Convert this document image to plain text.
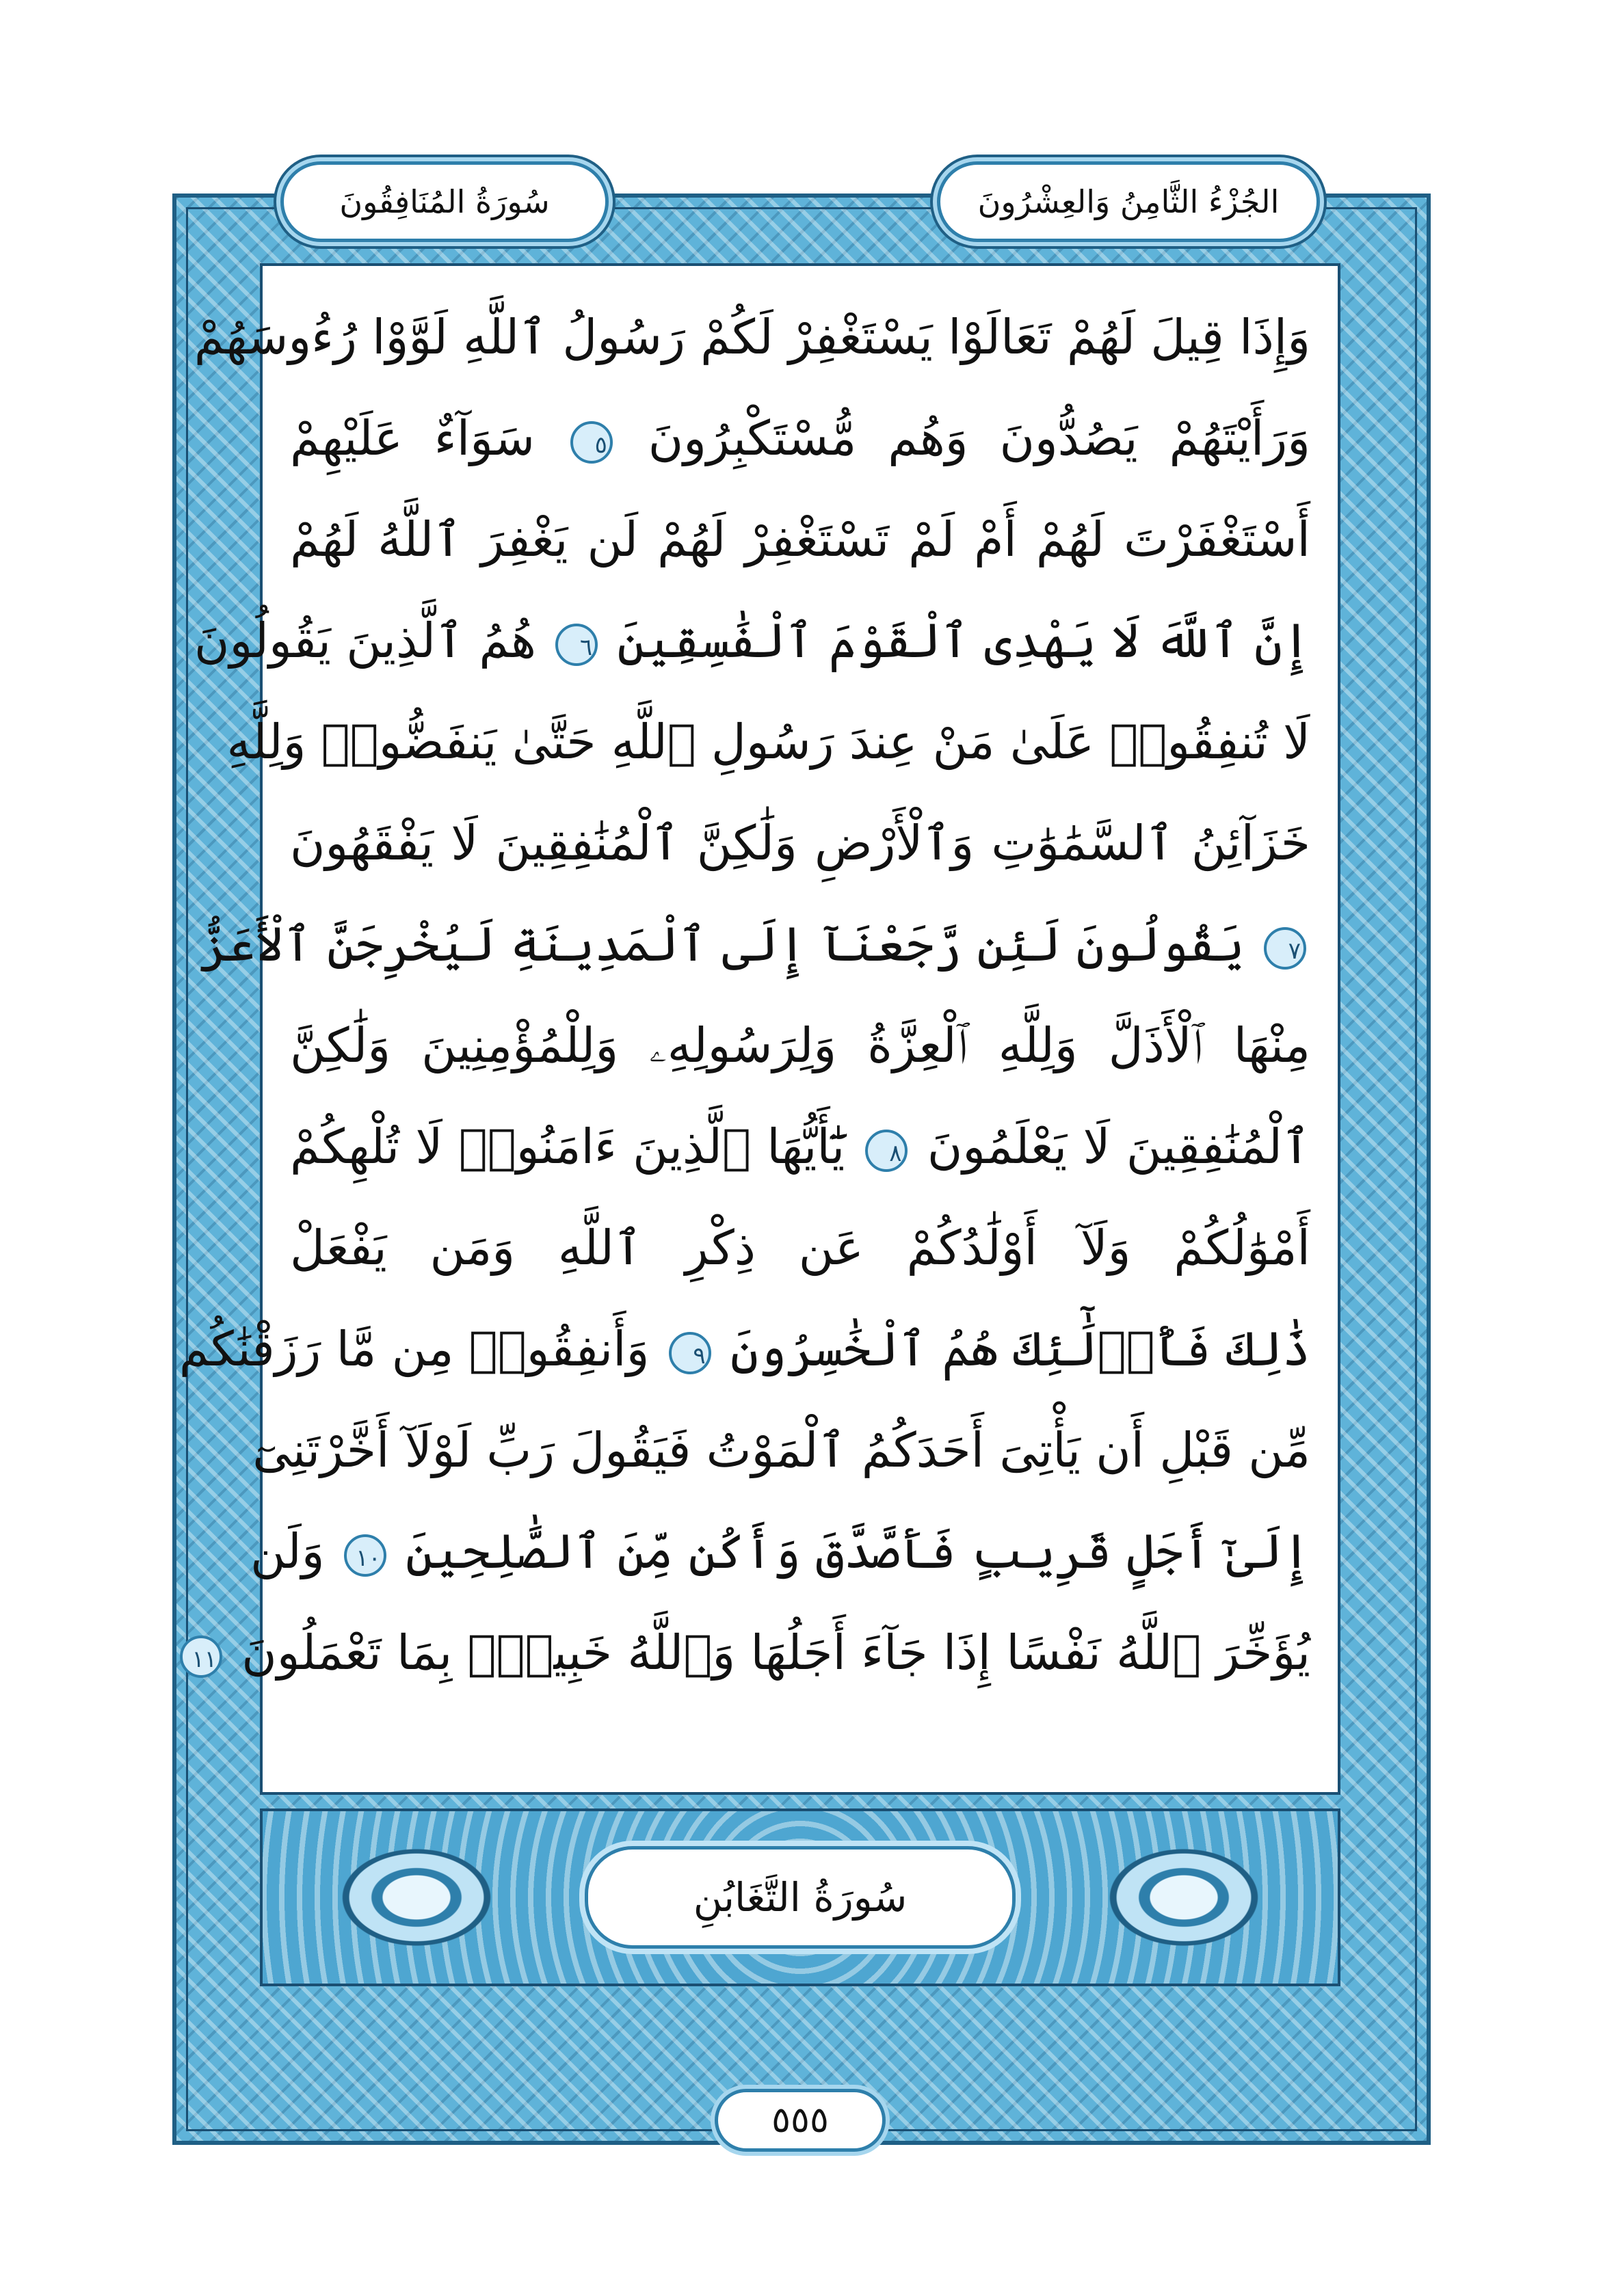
الجُزْءُ الثَّامِنُ وَالعِشْرُونَ
سُورَةُ المُنَافِقُونَ
وَإِذَا قِيلَ لَهُمْ تَعَالَوْا يَسْتَغْفِرْ لَكُمْ رَسُولُ ٱللَّهِ لَوَّوْا رُءُوسَهُمْ
وَرَأَيْتَهُمْ يَصُدُّونَ وَهُم مُّسْتَكْبِرُونَ ٥ سَوَآءٌ عَلَيْهِمْ
أَسْتَغْفَرْتَ لَهُمْ أَمْ لَمْ تَسْتَغْفِرْ لَهُمْ لَن يَغْفِرَ ٱللَّهُ لَهُمْ
إِنَّ ٱللَّهَ لَا يَهْدِى ٱلْقَوْمَ ٱلْفَٰسِقِينَ ٦ هُمُ ٱلَّذِينَ يَقُولُونَ
لَا تُنفِقُوا۟ عَلَىٰ مَنْ عِندَ رَسُولِ ٱللَّهِ حَتَّىٰ يَنفَضُّوا۟ وَلِلَّهِ
خَزَآئِنُ ٱلسَّمَٰوَٰتِ وَٱلْأَرْضِ وَلَٰكِنَّ ٱلْمُنَٰفِقِينَ لَا يَفْقَهُونَ
٧ يَقُولُونَ لَئِن رَّجَعْنَآ إِلَى ٱلْمَدِينَةِ لَيُخْرِجَنَّ ٱلْأَعَزُّ
مِنْهَا ٱلْأَذَلَّ وَلِلَّهِ ٱلْعِزَّةُ وَلِرَسُولِهِۦ وَلِلْمُؤْمِنِينَ وَلَٰكِنَّ
ٱلْمُنَٰفِقِينَ لَا يَعْلَمُونَ ٨ يَٰٓأَيُّهَا ٱلَّذِينَ ءَامَنُوا۟ لَا تُلْهِكُمْ
أَمْوَٰلُكُمْ وَلَآ أَوْلَٰدُكُمْ عَن ذِكْرِ ٱللَّهِ وَمَن يَفْعَلْ
ذَٰلِكَ فَأُو۟لَٰٓئِكَ هُمُ ٱلْخَٰسِرُونَ ٩ وَأَنفِقُوا۟ مِن مَّا رَزَقْنَٰكُم
مِّن قَبْلِ أَن يَأْتِىَ أَحَدَكُمُ ٱلْمَوْتُ فَيَقُولَ رَبِّ لَوْلَآ أَخَّرْتَنِىٓ
إِلَىٰٓ أَجَلٍ قَرِيبٍ فَأَصَّدَّقَ وَأَكُن مِّنَ ٱلصَّٰلِحِينَ ١٠ وَلَن
يُؤَخِّرَ ٱللَّهُ نَفْسًا إِذَا جَآءَ أَجَلُهَا وَٱللَّهُ خَبِيرٌۢ بِمَا تَعْمَلُونَ ١١
سُورَةُ التَّغَابُنِ
٥٥٥
